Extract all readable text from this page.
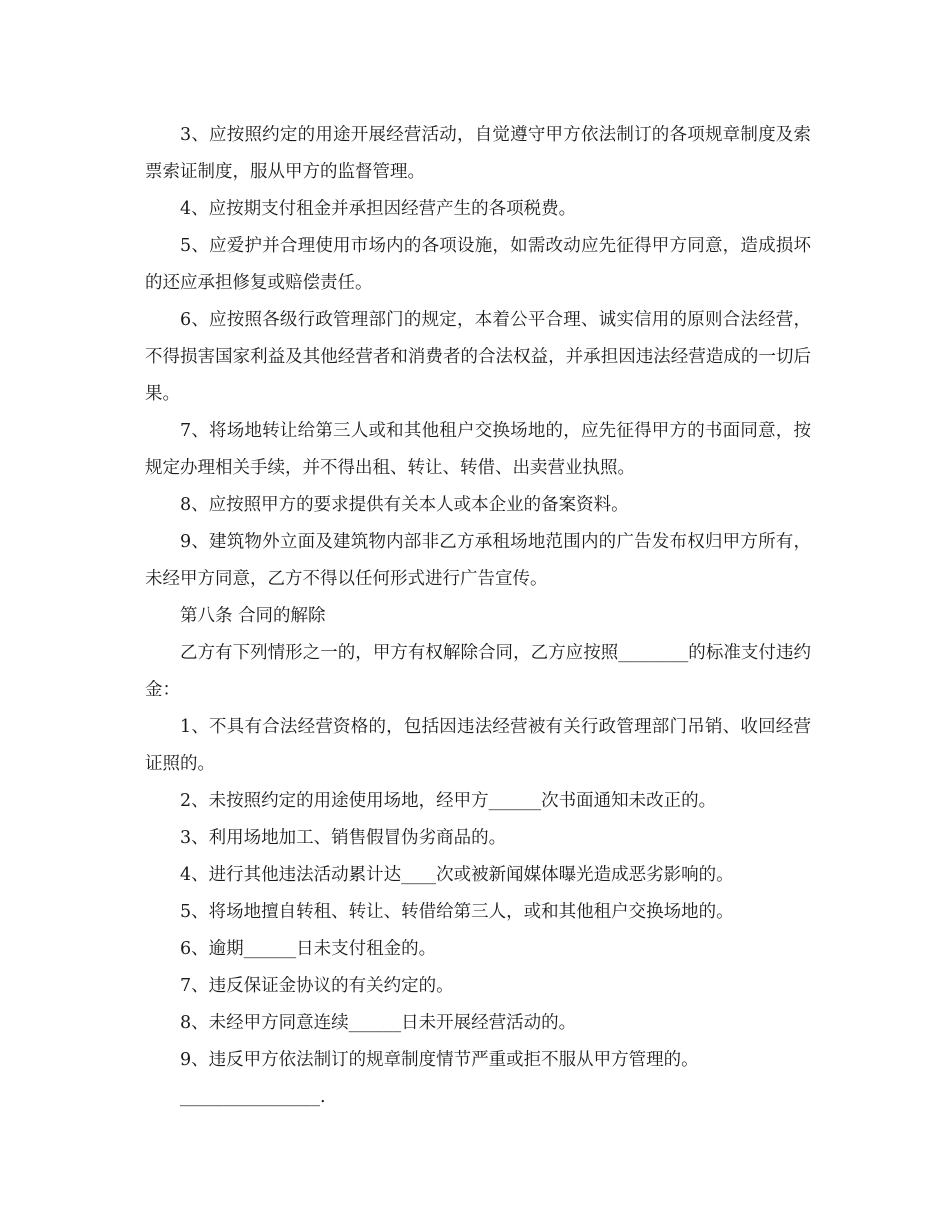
3、应按照约定的用途开展经营活动，自觉遵守甲方依法制订的各项规章制度及索票索证制度，服从甲方的监督管理。

4、应按期支付租金并承担因经营产生的各项税费。

5、应爱护并合理使用市场内的各项设施，如需改动应先征得甲方同意，造成损坏的还应承担修复或赔偿责任。

6、应按照各级行政管理部门的规定，本着公平合理、诚实信用的原则合法经营，不得损害国家利益及其他经营者和消费者的合法权益，并承担因违法经营造成的一切后果。

7、将场地转让给第三人或和其他租户交换场地的，应先征得甲方的书面同意，按规定办理相关手续，并不得出租、转让、转借、出卖营业执照。

8、应按照甲方的要求提供有关本人或本企业的备案资料。

9、建筑物外立面及建筑物内部非乙方承租场地范围内的广告发布权归甲方所有，未经甲方同意，乙方不得以任何形式进行广告宣传。

第八条 合同的解除

乙方有下列情形之一的，甲方有权解除合同，乙方应按照________的标准支付违约金：

1、不具有合法经营资格的，包括因违法经营被有关行政管理部门吊销、收回经营证照的。

2、未按照约定的用途使用场地，经甲方______次书面通知未改正的。

3、利用场地加工、销售假冒伪劣商品的。

4、进行其他违法活动累计达____次或被新闻媒体曝光造成恶劣影响的。

5、将场地擅自转租、转让、转借给第三人，或和其他租户交换场地的。

6、逾期______日未支付租金的。

7、违反保证金协议的有关约定的。

8、未经甲方同意连续______日未开展经营活动的。

9、违反甲方依法制订的规章制度情节严重或拒不服从甲方管理的。

________________.
